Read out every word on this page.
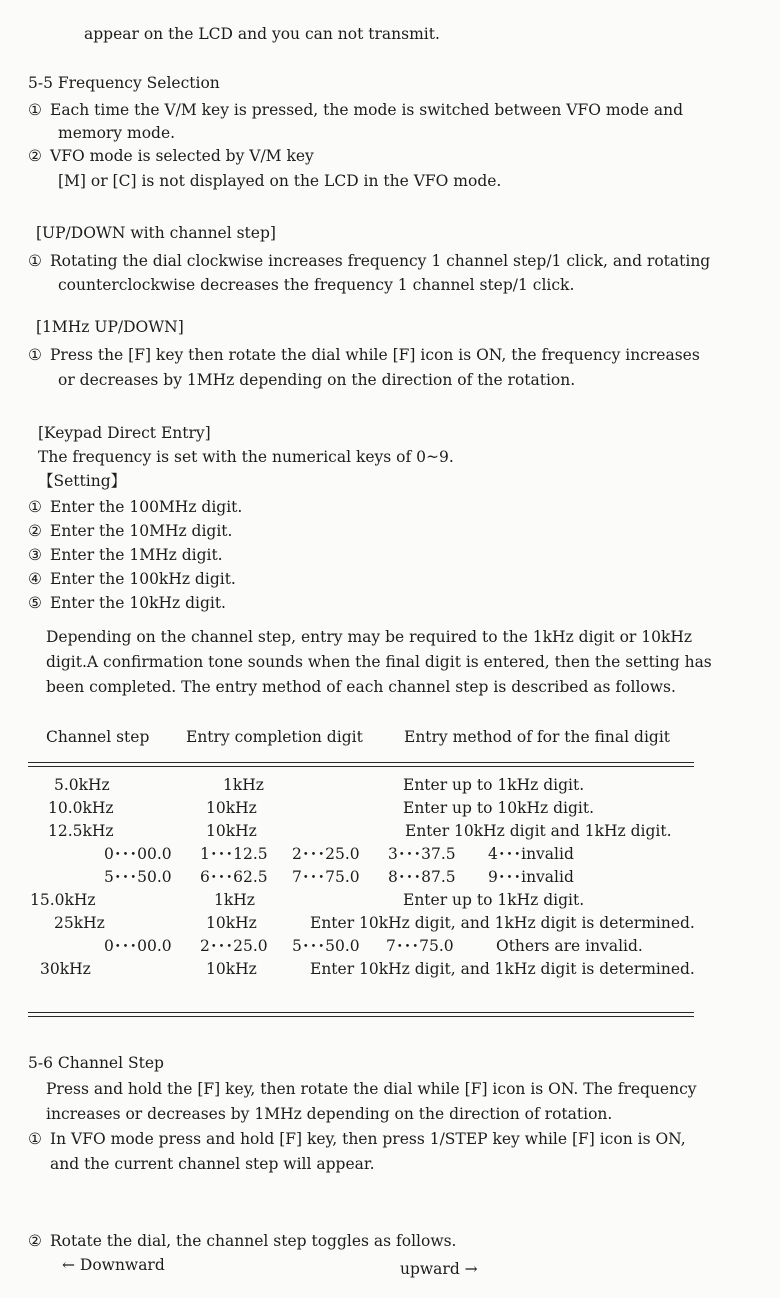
appear on the LCD and you can not transmit.
5-5 Frequency Selection
① Each time the V/M key is pressed, the mode is switched between VFO mode and
memory mode.
② VFO mode is selected by V/M key
[M] or [C] is not displayed on the LCD in the VFO mode.
[UP/DOWN with channel step]
① Rotating the dial clockwise increases frequency 1 channel step/1 click, and rotating
counterclockwise decreases the frequency 1 channel step/1 click.
[1MHz UP/DOWN]
① Press the [F] key then rotate the dial while [F] icon is ON, the frequency increases
or decreases by 1MHz depending on the direction of the rotation.
[Keypad Direct Entry]
The frequency is set with the numerical keys of 0~9.
【Setting】
① Enter the 100MHz digit.
② Enter the 10MHz digit.
③ Enter the 1MHz digit.
④ Enter the 100kHz digit.
⑤ Enter the 10kHz digit.
Depending on the channel step, entry may be required to the 1kHz digit or 10kHz
digit.A confirmation tone sounds when the final digit is entered, then the setting has
been completed. The entry method of each channel step is described as follows.
Channel step Entry completion digit	Entry method of for the final digit
5.0kHz	1kHz	Enter up to 1kHz digit.
10.0kHz	10kHz	Enter up to 10kHz digit.
12.5kHz	10kHz	Enter 10kHz digit and 1kHz digit.
0･･･00.0 1･･･12.5 2･･･25.0 3･･･37.5 4･･･invalid
5･･･50.0 6･･･62.5 7･･･75.0 8･･･87.5 9･･･invalid
15.0kHz	1kHz	Enter up to 1kHz digit.
25kHz	10kHz	Enter 10kHz digit, and 1kHz digit is determined.
0･･･00.0 2･･･25.0 5･･･50.0 7･･･75.0	Others are invalid.
30kHz	10kHz	Enter 10kHz digit, and 1kHz digit is determined.
5-6 Channel Step
Press and hold the [F] key, then rotate the dial while [F] icon is ON. The frequency
increases or decreases by 1MHz depending on the direction of rotation.
① In VFO mode press and hold [F] key, then press 1/STEP key while [F] icon is ON,
and the current channel step will appear.
② Rotate the dial, the channel step toggles as follows.
← Downward	upward →
